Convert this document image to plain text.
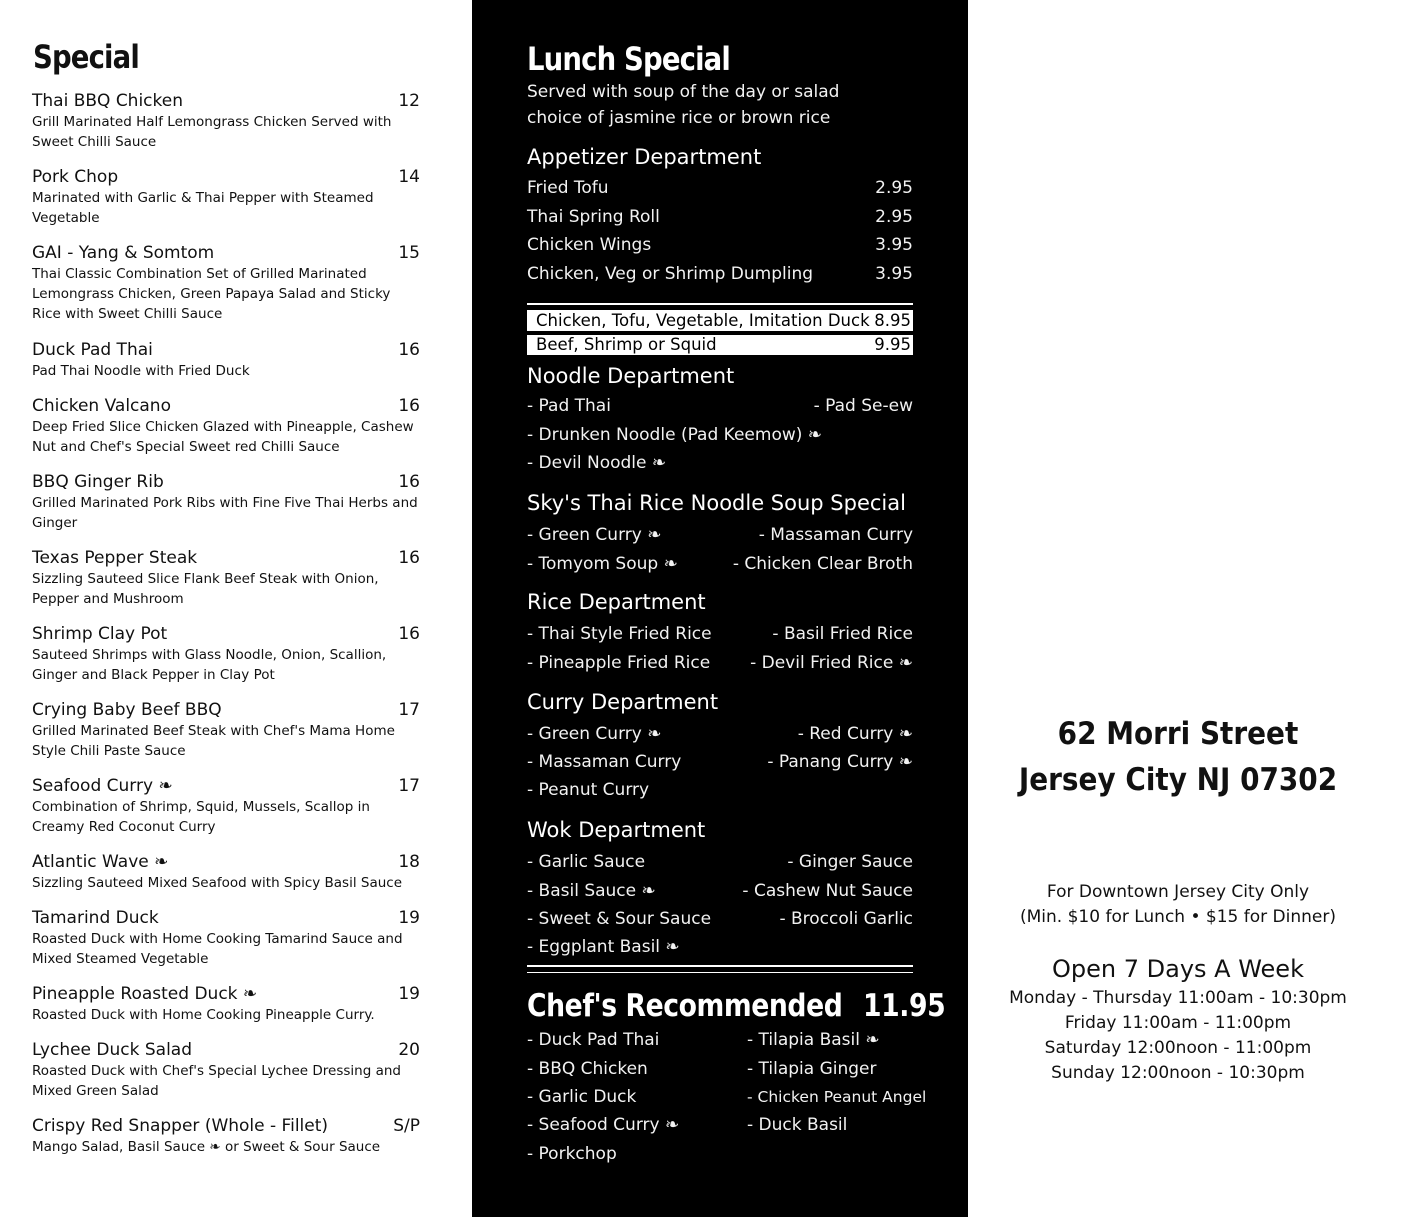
Special
Thai BBQ Chicken	12
Grill Marinated Half Lemongrass Chicken Served with Sweet Chilli Sauce
Pork Chop	14
Marinated with Garlic & Thai Pepper with Steamed Vegetable
GAI - Yang & Somtom	15
Thai Classic Combination Set of Grilled Marinated Lemongrass Chicken, Green Papaya Salad and Sticky Rice with Sweet Chilli Sauce
Duck Pad Thai	16
Pad Thai Noodle with Fried Duck
Chicken Valcano	16
Deep Fried Slice Chicken Glazed with Pineapple, Cashew Nut and Chef's Special Sweet red Chilli Sauce
BBQ Ginger Rib	16
Grilled Marinated Pork Ribs with Fine Five Thai Herbs and Ginger
Texas Pepper Steak	16
Sizzling Sauteed Slice Flank Beef Steak with Onion, Pepper and Mushroom
Shrimp Clay Pot	16
Sauteed Shrimps with Glass Noodle, Onion, Scallion, Ginger and Black Pepper in Clay Pot
Crying Baby Beef BBQ	17
Grilled Marinated Beef Steak with Chef's Mama Home Style Chili Paste Sauce
Seafood Curry ❧	17
Combination of Shrimp, Squid, Mussels, Scallop in Creamy Red Coconut Curry
Atlantic Wave ❧	18
Sizzling Sauteed Mixed Seafood with Spicy Basil Sauce
Tamarind Duck	19
Roasted Duck with Home Cooking Tamarind Sauce and Mixed Steamed Vegetable
Pineapple Roasted Duck ❧	19
Roasted Duck with Home Cooking Pineapple Curry.
Lychee Duck Salad	20
Roasted Duck with Chef's Special Lychee Dressing and Mixed Green Salad
Crispy Red Snapper (Whole - Fillet)	S/P
Mango Salad, Basil Sauce ❧ or Sweet & Sour Sauce
Lunch Special
Served with soup of the day or salad
choice of jasmine rice or brown rice
Appetizer Department
Fried Tofu	2.95
Thai Spring Roll	2.95
Chicken Wings	3.95
Chicken, Veg or Shrimp Dumpling	3.95
Chicken, Tofu, Vegetable, Imitation Duck 8.95
Beef, Shrimp or Squid	9.95
Noodle Department
- Pad Thai	- Pad Se-ew
- Drunken Noodle (Pad Keemow) ❧
- Devil Noodle ❧
Sky's Thai Rice Noodle Soup Special
- Green Curry ❧	- Massaman Curry
- Tomyom Soup ❧	- Chicken Clear Broth
Rice Department
- Thai Style Fried Rice	- Basil Fried Rice
- Pineapple Fried Rice - Devil Fried Rice ❧
Curry Department
- Green Curry ❧	- Red Curry ❧
- Massaman Curry	- Panang Curry ❧
- Peanut Curry
Wok Department
- Garlic Sauce	- Ginger Sauce
- Basil Sauce ❧	- Cashew Nut Sauce
- Sweet & Sour Sauce	- Broccoli Garlic
- Eggplant Basil ❧
Chef's Recommended 11.95
- Duck Pad Thai
- BBQ Chicken
- Garlic Duck
- Seafood Curry ❧
- Porkchop
- Tilapia Basil ❧
- Tilapia Ginger
- Chicken Peanut Angel
- Duck Basil
62 Morri Street
Jersey City NJ 07302
For Downtown Jersey City Only
(Min. $10 for Lunch • $15 for Dinner)
Open 7 Days A Week
Monday - Thursday 11:00am - 10:30pm
Friday 11:00am - 11:00pm
Saturday 12:00noon - 11:00pm
Sunday 12:00noon - 10:30pm
